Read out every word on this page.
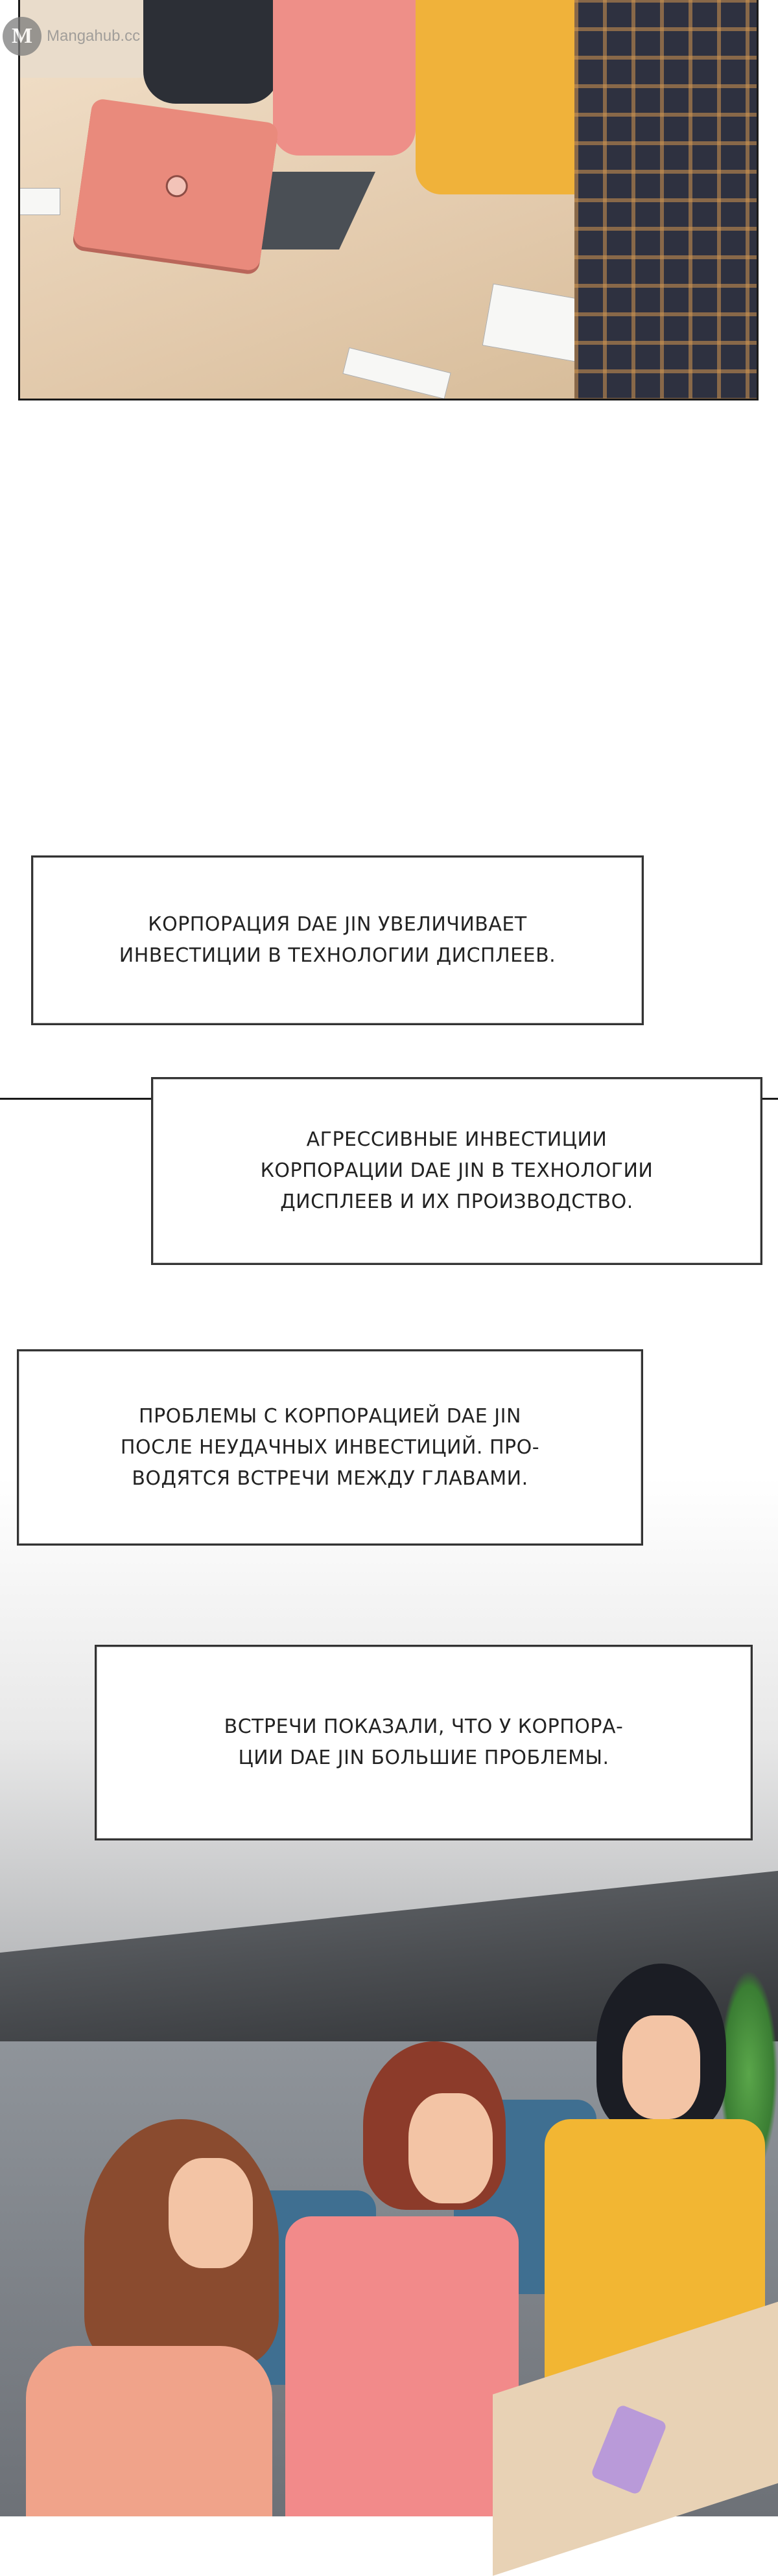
M Mangahub.cc
КОРПОРАЦИЯ DAE JIN УВЕЛИЧИВАЕТ
ИНВЕСТИЦИИ В ТЕХНОЛОГИИ ДИСПЛЕЕВ.
АГРЕССИВНЫЕ ИНВЕСТИЦИИ
КОРПОРАЦИИ DAE JIN В ТЕХНОЛОГИИ
ДИСПЛЕЕВ И ИХ ПРОИЗВОДСТВО.
ПРОБЛЕМЫ С КОРПОРАЦИЕЙ DAE JIN
ПОСЛЕ НЕУДАЧНЫХ ИНВЕСТИЦИЙ. ПРО-
ВОДЯТСЯ ВСТРЕЧИ МЕЖДУ ГЛАВАМИ.
ВСТРЕЧИ ПОКАЗАЛИ, ЧТО У КОРПОРА-
ЦИИ DAE JIN БОЛЬШИЕ ПРОБЛЕМЫ.
